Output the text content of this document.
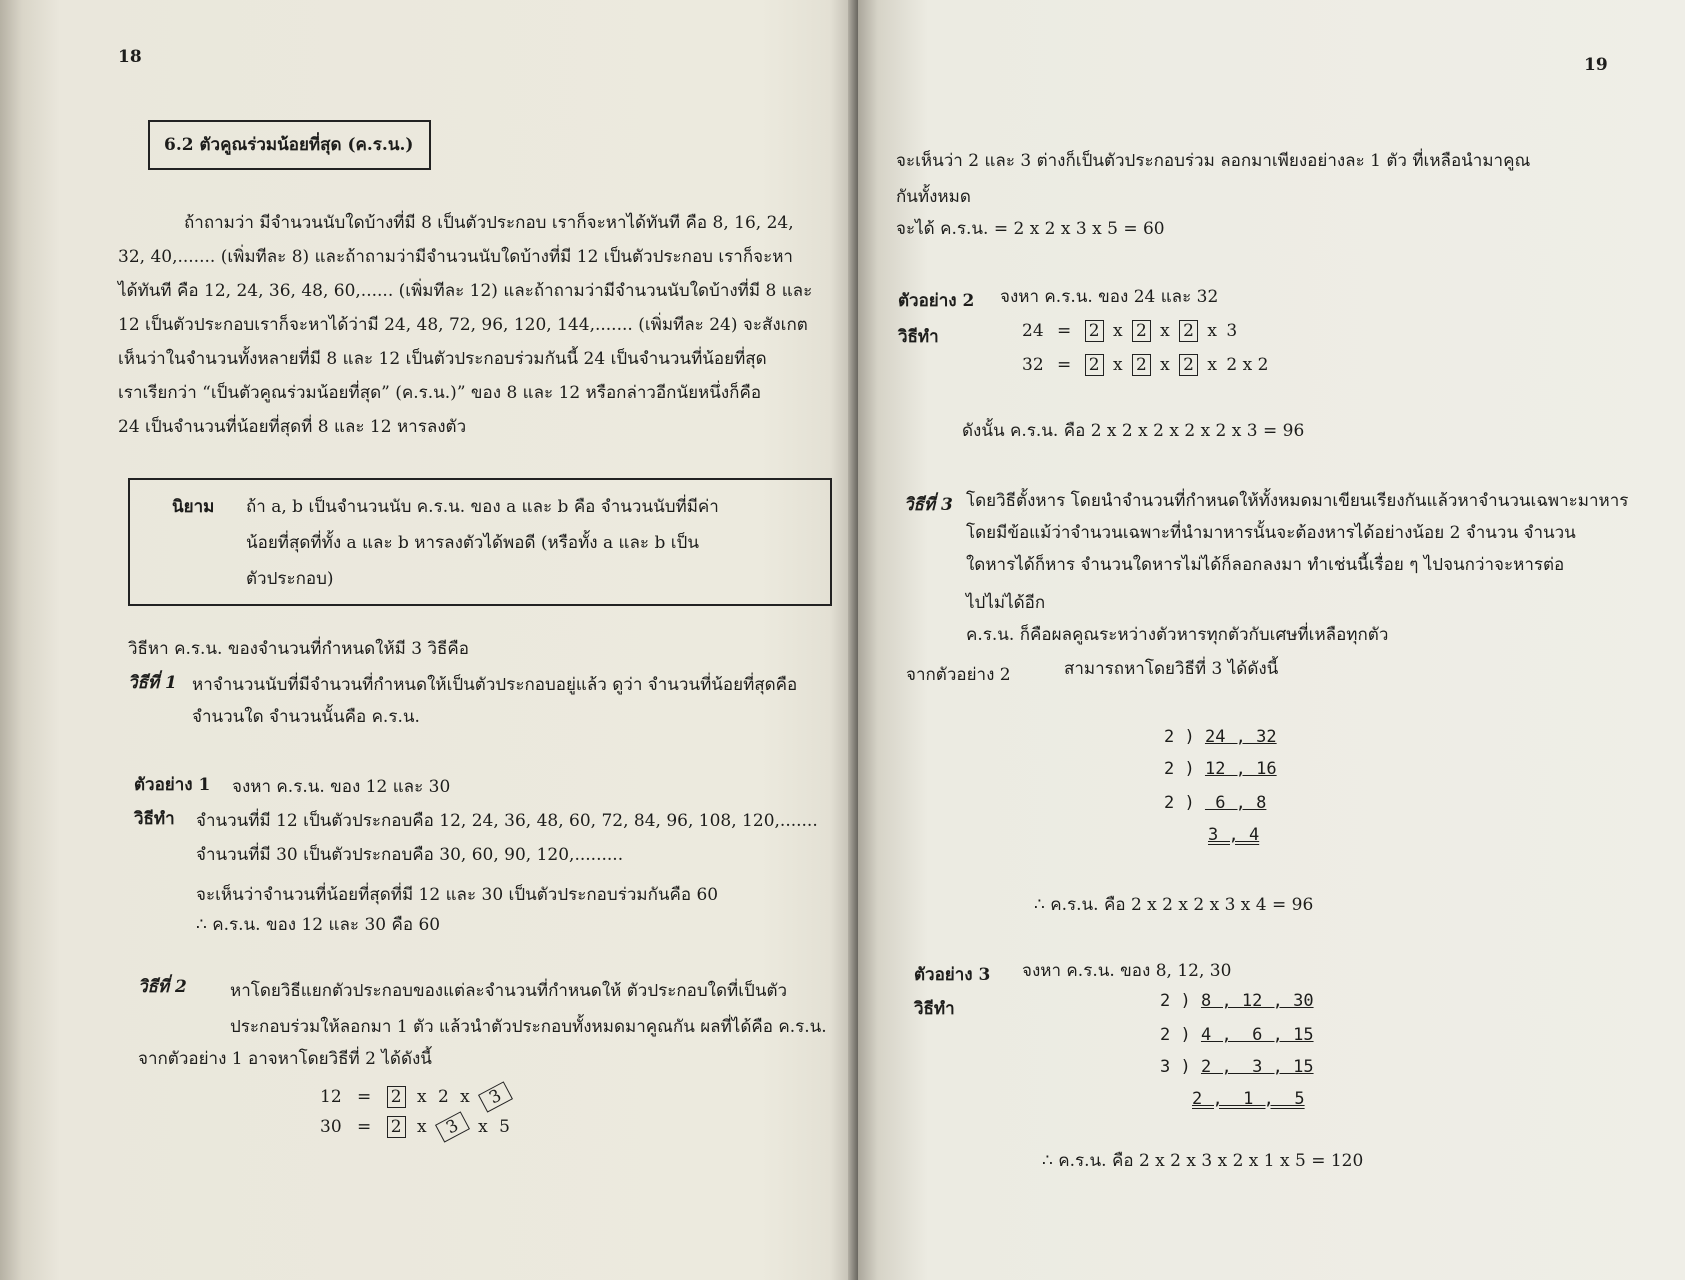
18
6.2 ตัวคูณร่วมน้อยที่สุด (ค.ร.น.)
ถ้าถามว่า มีจำนวนนับใดบ้างที่มี 8 เป็นตัวประกอบ เราก็จะหาได้ทันที คือ 8, 16, 24,
32, 40,....... (เพิ่มทีละ 8) และถ้าถามว่ามีจำนวนนับใดบ้างที่มี 12 เป็นตัวประกอบ เราก็จะหา
ได้ทันที คือ 12, 24, 36, 48, 60,...... (เพิ่มทีละ 12) และถ้าถามว่ามีจำนวนนับใดบ้างที่มี 8 และ
12 เป็นตัวประกอบเราก็จะหาได้ว่ามี 24, 48, 72, 96, 120, 144,....... (เพิ่มทีละ 24) จะสังเกต
เห็นว่าในจำนวนทั้งหลายที่มี 8 และ 12 เป็นตัวประกอบร่วมกันนี้ 24 เป็นจำนวนที่น้อยที่สุด
เราเรียกว่า “เป็นตัวคูณร่วมน้อยที่สุด” (ค.ร.น.)” ของ 8 และ 12 หรือกล่าวอีกนัยหนึ่งก็คือ
24 เป็นจำนวนที่น้อยที่สุดที่ 8 และ 12 หารลงตัว
นิยาม ถ้า a, b เป็นจำนวนนับ ค.ร.น. ของ a และ b คือ จำนวนนับที่มีค่า
น้อยที่สุดที่ทั้ง a และ b หารลงตัวได้พอดี (หรือทั้ง a และ b เป็น
ตัวประกอบ)
วิธีหา ค.ร.น. ของจำนวนที่กำหนดให้มี 3 วิธีคือ
วิธีที่ 1 หาจำนวนนับที่มีจำนวนที่กำหนดให้เป็นตัวประกอบอยู่แล้ว ดูว่า จำนวนที่น้อยที่สุดคือ
จำนวนใด จำนวนนั้นคือ ค.ร.น.
ตัวอย่าง 1 จงหา ค.ร.น. ของ 12 และ 30
วิธีทำ จำนวนที่มี 12 เป็นตัวประกอบคือ 12, 24, 36, 48, 60, 72, 84, 96, 108, 120,.......
จำนวนที่มี 30 เป็นตัวประกอบคือ 30, 60, 90, 120,.........
จะเห็นว่าจำนวนที่น้อยที่สุดที่มี 12 และ 30 เป็นตัวประกอบร่วมกันคือ 60
∴ ค.ร.น. ของ 12 และ 30 คือ 60
วิธีที่ 2	หาโดยวิธีแยกตัวประกอบของแต่ละจำนวนที่กำหนดให้ ตัวประกอบใดที่เป็นตัว
ประกอบร่วมให้ลอกมา 1 ตัว แล้วนำตัวประกอบทั้งหมดมาคูณกัน ผลที่ได้คือ ค.ร.น.
จากตัวอย่าง 1 อาจหาโดยวิธีที่ 2 ได้ดังนี้
12 = 2 x 2 x 3
30 = 2 x 3 x 5
19
จะเห็นว่า 2 และ 3 ต่างก็เป็นตัวประกอบร่วม ลอกมาเพียงอย่างละ 1 ตัว ที่เหลือนำมาคูณ
กันทั้งหมด
จะได้ ค.ร.น. = 2 x 2 x 3 x 5 = 60
ตัวอย่าง 2 จงหา ค.ร.น. ของ 24 และ 32
วิธีทำ	24 = 2 x 2 x 2 x 3
32 = 2 x 2 x 2 x 2 x 2
ดังนั้น ค.ร.น. คือ 2 x 2 x 2 x 2 x 2 x 3 = 96
วิธีที่ 3 โดยวิธีตั้งหาร โดยนำจำนวนที่กำหนดให้ทั้งหมดมาเขียนเรียงกันแล้วหาจำนวนเฉพาะมาหาร
โดยมีข้อแม้ว่าจำนวนเฉพาะที่นำมาหารนั้นจะต้องหารได้อย่างน้อย 2 จำนวน จำนวน
ใดหารได้ก็หาร จำนวนใดหารไม่ได้ก็ลอกลงมา ทำเช่นนี้เรื่อย ๆ ไปจนกว่าจะหารต่อ
ไปไม่ได้อีก
ค.ร.น. ก็คือผลคูณระหว่างตัวหารทุกตัวกับเศษที่เหลือทุกตัว
จากตัวอย่าง 2	สามารถหาโดยวิธีที่ 3 ได้ดังนี้
2 ) 24 , 32
2 ) 12 , 16
2 )  6 , 8
3 , 4
∴ ค.ร.น. คือ 2 x 2 x 2 x 3 x 4 = 96
ตัวอย่าง 3 จงหา ค.ร.น. ของ 8, 12, 30
วิธีทำ	2 ) 8 , 12 , 30
2 ) 4 ,  6 , 15
3 ) 2 ,  3 , 15
2 ,  1 ,  5
∴ ค.ร.น. คือ 2 x 2 x 3 x 2 x 1 x 5 = 120
